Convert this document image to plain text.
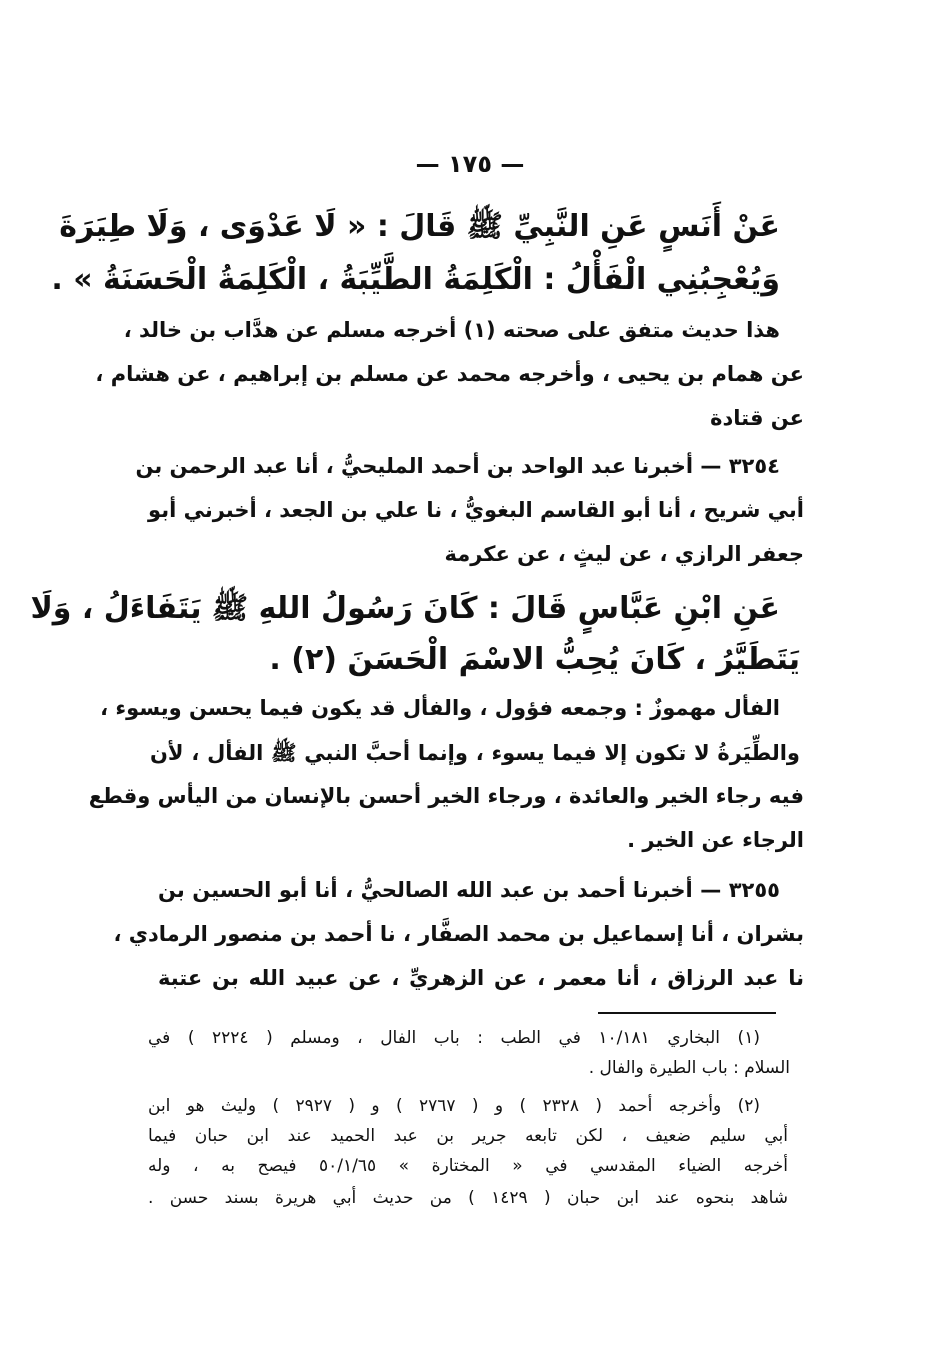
— ١٧٥ —
عَنْ أَنَسٍ عَنِ النَّبِيِّ ﷺ قَالَ : « لَا عَدْوَى ، وَلَا طِيَرَةَ
وَيُعْجِبُنِي الْفَأْلُ : الْكَلِمَةُ الطَّيِّبَةُ ، الْكَلِمَةُ الْحَسَنَةُ » .
هذا حديث متفق على صحته (١) أخرجه مسلم عن هدَّاب بن خالد ،
عن همام بن يحيى ، وأخرجه محمد عن مسلم بن إبراهيم ، عن هشام ،
عن قتادة
٣٢٥٤ — أخبرنا عبد الواحد بن أحمد المليحيُّ ، أنا عبد الرحمن بن
أبي شريح ، أنا أبو القاسم البغويُّ ، نا علي بن الجعد ، أخبرني أبو
جعفر الرازي ، عن ليثٍ ، عن عكرمة
عَنِ ابْنِ عَبَّاسٍ قَالَ : كَانَ رَسُولُ اللهِ ﷺ يَتَفَاءَلُ ، وَلَا
يَتَطَيَّرُ ، كَانَ يُحِبُّ الاسْمَ الْحَسَنَ (٢) .
الفأل مهموزٌ : وجمعه فؤول ، والفأل قد يكون فيما يحسن ويسوء ،
والطِّيَرةُ لا تكون إلا فيما يسوء ، وإنما أحبَّ النبي ﷺ الفأل ، لأن
فيه رجاء الخير والعائدة ، ورجاء الخير أحسن بالإنسان من اليأس وقطع
الرجاء عن الخير .
٣٢٥٥ — أخبرنا أحمد بن عبد الله الصالحيُّ ، أنا أبو الحسين بن
بشران ، أنا إسماعيل بن محمد الصفَّار ، نا أحمد بن منصور الرمادي ،
نا عبد الرزاق ، أنا معمر ، عن الزهريِّ ، عن عبيد الله بن عتبة
(١) البخاري ١٠/١٨١ في الطب : باب الفال ، ومسلم ( ٢٢٢٤ ) في
السلام : باب الطيرة والفال .
(٢) وأخرجه أحمد ( ٢٣٢٨ ) و ( ٢٧٦٧ ) و ( ٢٩٢٧ ) وليث هو ابن
أبي سليم ضعيف ، لكن تابعه جرير بن عبد الحميد عند ابن حبان فيما
أخرجه الضياء المقدسي في « المختارة » ٥٠/١/٦٥ فيصح به ، وله
شاهد بنحوه عند ابن حبان ( ١٤٢٩ ) من حديث أبي هريرة بسند حسن .
